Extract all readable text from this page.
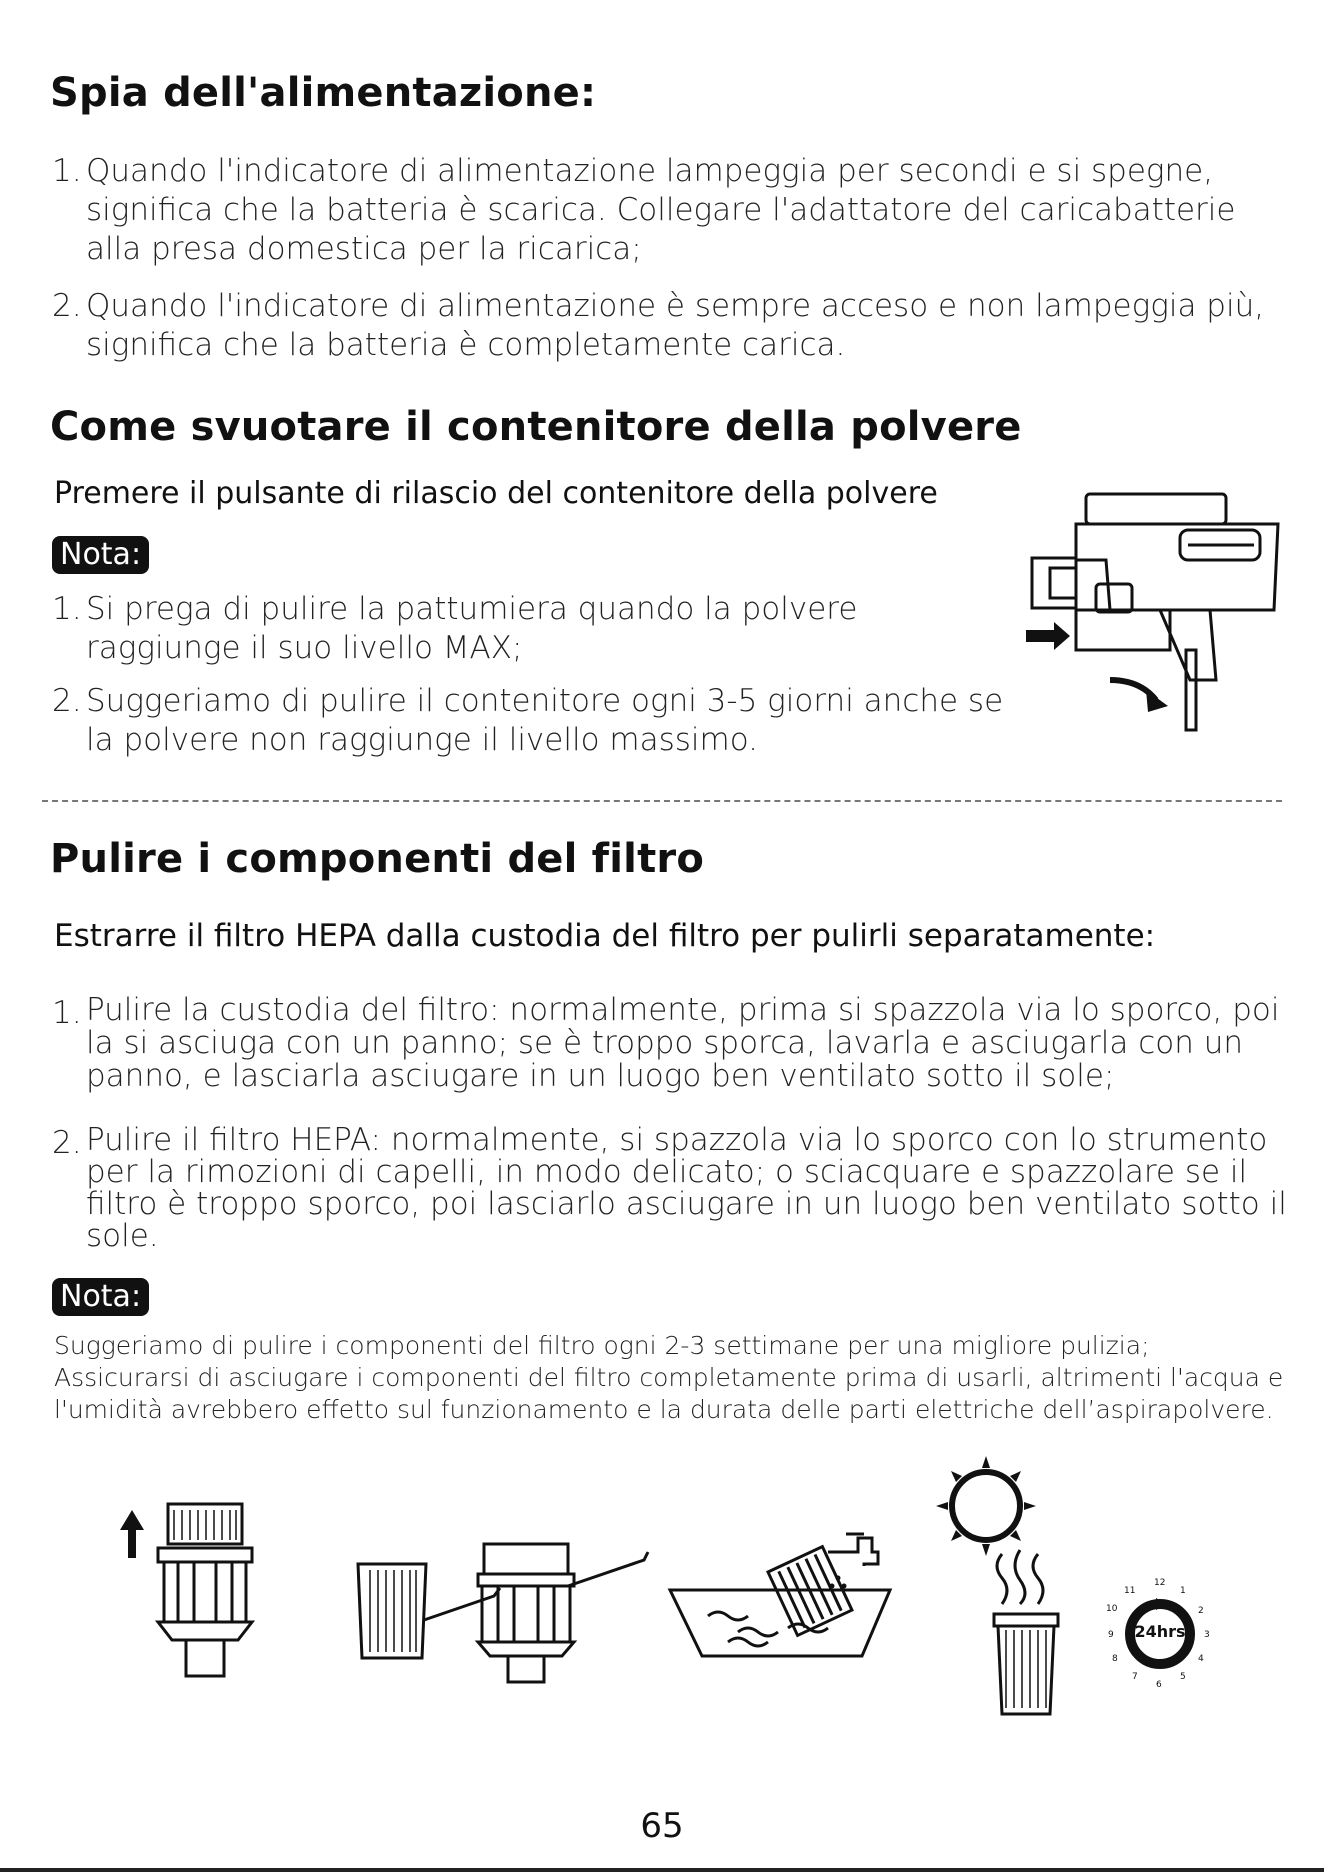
Spia dell'alimentazione:
1. Quando l'indicatore di alimentazione lampeggia per secondi e si spegne, significa che la batteria è scarica. Collegare l'adattatore del caricabatterie alla presa domestica per la ricarica;
2. Quando l'indicatore di alimentazione è sempre acceso e non lampeggia più, significa che la batteria è completamente carica.
Come svuotare il contenitore della polvere
Premere il pulsante di rilascio del contenitore della polvere
Nota:
1. Si prega di pulire la pattumiera quando la polvere raggiunge il suo livello MAX;
2. Suggeriamo di pulire il contenitore ogni 3-5 giorni anche se la polvere non raggiunge il livello massimo.
Pulire i componenti del filtro
Estrarre il filtro HEPA dalla custodia del filtro per pulirli separatamente:
1. Pulire la custodia del filtro: normalmente, prima si spazzola via lo sporco, poi la si asciuga con un panno; se è troppo sporca, lavarla e asciugarla con un panno, e lasciarla asciugare in un luogo ben ventilato sotto il sole;
2. Pulire il filtro HEPA: normalmente, si spazzola via lo sporco con lo strumento per la rimozioni di capelli, in modo delicato; o sciacquare e spazzolare se il filtro è troppo sporco, poi lasciarlo asciugare in un luogo ben ventilato sotto il sole.
Nota:
Suggeriamo di pulire i componenti del filtro ogni 2-3 settimane per una migliore pulizia; Assicurarsi di asciugare i componenti del filtro completamente prima di usarli, altrimenti l'acqua e l'umidità avrebbero effetto sul funzionamento e la durata delle parti elettriche dell’aspirapolvere.
24hrs
12
1
2
3
4
5
6
7
8
9
10
11
65
